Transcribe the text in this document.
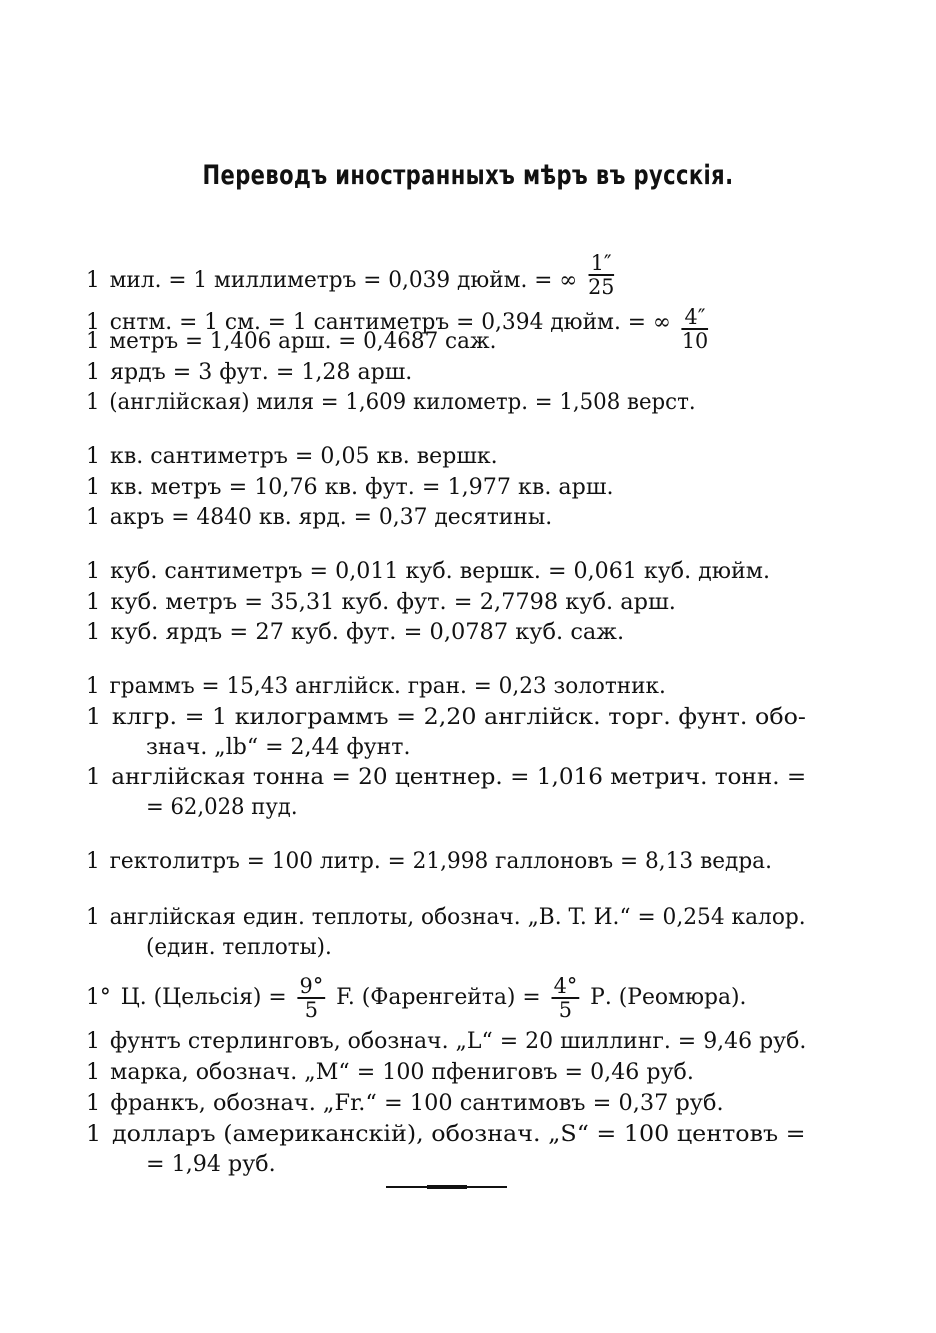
Переводъ иностранныхъ мѣръ въ русскія.
1 мил. = 1 миллиметръ = 0,039 дюйм. = ∞ $\frac{1''}{25}$
1 снтм. = 1 см. = 1 сантиметръ = 0,394 дюйм. = ∞ $\frac{4''}{10}$
1 метръ = 1,406 арш. = 0,4687 саж.
1 ярдъ = 3 фут. = 1,28 арш.
1 (англійская) миля = 1,609 километр. = 1,508 верст.
1 кв. сантиметръ = 0,05 кв. вершк.
1 кв. метръ = 10,76 кв. фут. = 1,977 кв. арш.
1 акръ = 4840 кв. ярд. = 0,37 десятины.
1 куб. сантиметръ = 0,011 куб. вершк. = 0,061 куб. дюйм.
1 куб. метръ = 35,31 куб. фут. = 2,7798 куб. арш.
1 куб. ярдъ = 27 куб. фут. = 0,0787 куб. саж.
1 граммъ = 15,43 англійск. гран. = 0,23 золотник.
1 клгр. = 1 килограммъ = 2,20 англійск. торг. фунт. обо-
знач. „lb“ = 2,44 фунт.
1 англійская тонна = 20 центнер. = 1,016 метрич. тонн. =
= 62,028 пуд.
1 гектолитръ = 100 литр. = 21,998 галлоновъ = 8,13 ведра.
1 англійская един. теплоты, обознач. „B. T. И.“ = 0,254 калор.
(един. теплоты).
1° Ц. (Цельсія) = $\frac{9^\circ}{5} F$. (Фаренгейта) = $\frac{4^\circ}{5} Р$. (Реомюра).
1 фунтъ стерлинговъ, обознач. „L“ = 20 шиллинг. = 9,46 руб.
1 марка, обознач. „M“ = 100 пфениговъ = 0,46 руб.
1 франкъ, обознач. „Fr.“ = 100 сантимовъ = 0,37 руб.
1 долларъ (американскій), обознач. „S“ = 100 центовъ =
= 1,94 руб.
